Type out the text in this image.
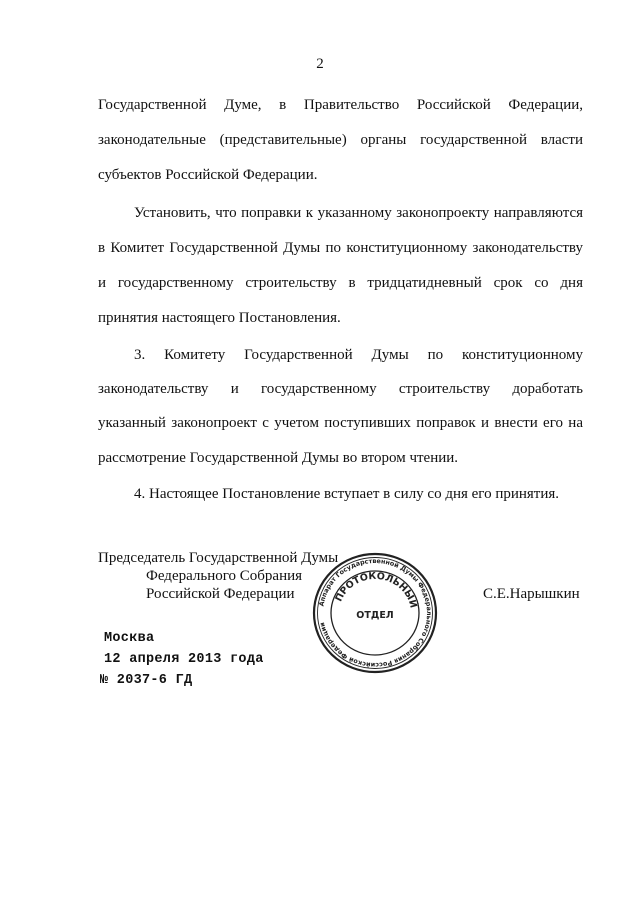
2
Государственной Думе, в Правительство Российской Федерации,
законодательные (представительные) органы государственной власти
субъектов Российской Федерации.
Установить, что поправки к указанному законопроекту направляются
в Комитет Государственной Думы по конституционному законодательству
и государственному строительству в тридцатидневный срок со дня
принятия настоящего Постановления.
3. Комитету Государственной Думы по конституционному
законодательству и государственному строительству доработать
указанный законопроект с учетом поступивших поправок и внести его на
рассмотрение Государственной Думы во втором чтении.
4. Настоящее Постановление вступает в силу со дня его принятия.
Председатель Государственной Думы
Федерального Собрания
Российской Федерации	С.Е.Нарышкин
Аппарат Государственной Думы Федерального Собрания Российской Федерации
ПРОТОКОЛЬНЫЙ
ОТДЕЛ
Москва
12 апреля 2013 года
№ 2037-6 ГД
